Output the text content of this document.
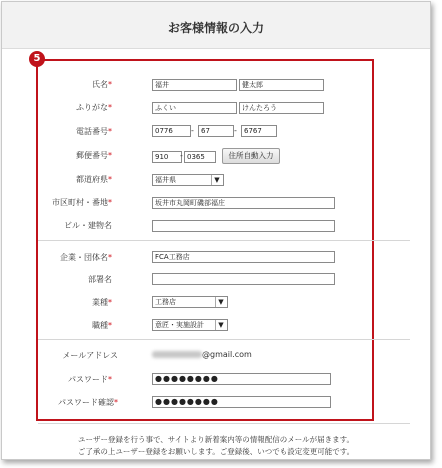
お客様情報の入力
5
氏名*	福井	健太郎
ふりがな*	ふくい	けんたろう
電話番号*	0776	-	67	-	6767
郵便番号*	910	- 0365	住所自動入力
都道府県*	福井県	▼
市区町村・番地*	坂井市丸岡町磯部福庄
ビル・建物名
企業・団体名*	FCA工務店
部署名
業種*	工務店	▼
職種*	意匠・実施設計	▼
メールアドレス	@gmail.com
パスワード*	●●●●●●●●
パスワード確認*	●●●●●●●●
ユーザー登録を行う事で、サイトより新着案内等の情報配信のメールが届きます。
ご了承の上ユーザー登録をお願いします。ご登録後、いつでも設定変更可能です。
